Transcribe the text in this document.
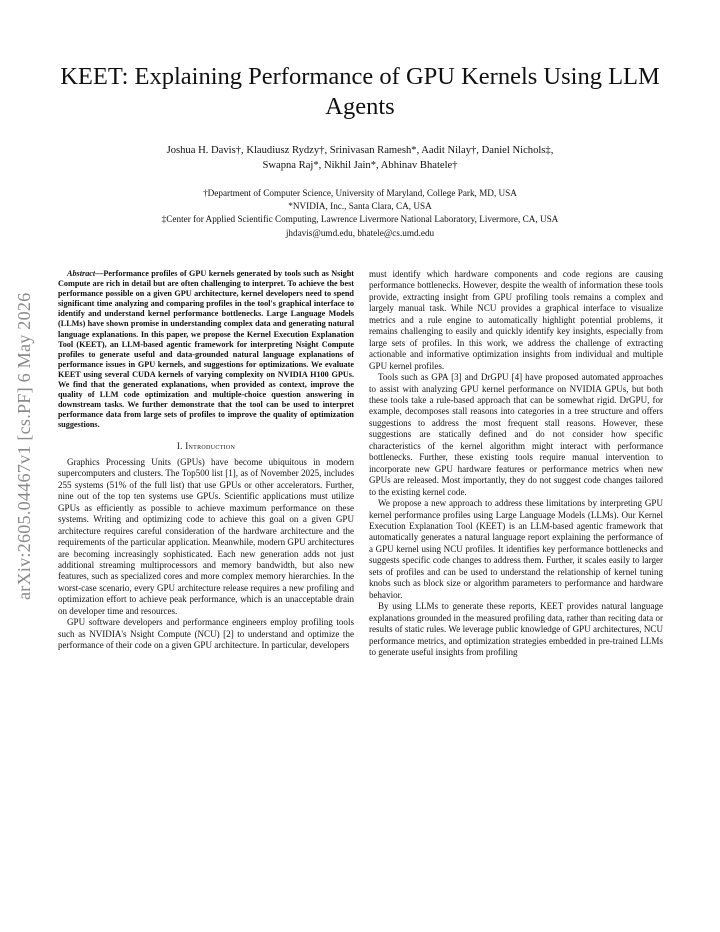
arXiv:2605.04467v1 [cs.PF] 6 May 2026
KEET: Explaining Performance of GPU Kernels Using LLM Agents
Joshua H. Davis†, Klaudiusz Rydzy†, Srinivasan Ramesh*, Aadit Nilay†, Daniel Nichols‡,
Swapna Raj*, Nikhil Jain*, Abhinav Bhatele†
†Department of Computer Science, University of Maryland, College Park, MD, USA
*NVIDIA, Inc., Santa Clara, CA, USA
‡Center for Applied Scientific Computing, Lawrence Livermore National Laboratory, Livermore, CA, USA
jhdavis@umd.edu, bhatele@cs.umd.edu

Abstract—Performance profiles of GPU kernels generated by tools such as Nsight Compute are rich in detail but are often challenging to interpret. To achieve the best performance possible on a given GPU architecture, kernel developers need to spend significant time analyzing and comparing profiles in the tool's graphical interface to identify and understand kernel performance bottlenecks. Large Language Models (LLMs) have shown promise in understanding complex data and generating natural language explanations. In this paper, we propose the Kernel Execution Explanation Tool (KEET), an LLM-based agentic framework for interpreting Nsight Compute profiles to generate useful and data-grounded natural language explanations of performance issues in GPU kernels, and suggestions for optimizations. We evaluate KEET using several CUDA kernels of varying complexity on NVIDIA H100 GPUs. We find that the generated explanations, when provided as context, improve the quality of LLM code optimization and multiple-choice question answering in downstream tasks. We further demonstrate that the tool can be used to interpret performance data from large sets of profiles to improve the quality of optimization suggestions.

I. Introduction

Graphics Processing Units (GPUs) have become ubiquitous in modern supercomputers and clusters. The Top500 list [1], as of November 2025, includes 255 systems (51% of the full list) that use GPUs or other accelerators. Further, nine out of the top ten systems use GPUs. Scientific applications must utilize GPUs as efficiently as possible to achieve maximum performance on these systems. Writing and optimizing code to achieve this goal on a given GPU architecture requires careful consideration of the hardware architecture and the requirements of the particular application. Meanwhile, modern GPU architectures are becoming increasingly sophisticated. Each new generation adds not just additional streaming multiprocessors and memory bandwidth, but also new features, such as specialized cores and more complex memory hierarchies. In the worst-case scenario, every GPU architecture release requires a new profiling and optimization effort to achieve peak performance, which is an unacceptable drain on developer time and resources.

GPU software developers and performance engineers employ profiling tools such as NVIDIA's Nsight Compute (NCU) [2] to understand and optimize the performance of their code on a given GPU architecture. In particular, developers

must identify which hardware components and code regions are causing performance bottlenecks. However, despite the wealth of information these tools provide, extracting insight from GPU profiling tools remains a complex and largely manual task. While NCU provides a graphical interface to visualize metrics and a rule engine to automatically highlight potential problems, it remains challenging to easily and quickly identify key insights, especially from large sets of profiles. In this work, we address the challenge of extracting actionable and informative optimization insights from individual and multiple GPU kernel profiles.

Tools such as GPA [3] and DrGPU [4] have proposed automated approaches to assist with analyzing GPU kernel performance on NVIDIA GPUs, but both these tools take a rule-based approach that can be somewhat rigid. DrGPU, for example, decomposes stall reasons into categories in a tree structure and offers suggestions to address the most frequent stall reasons. However, these suggestions are statically defined and do not consider how specific characteristics of the kernel algorithm might interact with performance bottlenecks. Further, these existing tools require manual intervention to incorporate new GPU hardware features or performance metrics when new GPUs are released. Most importantly, they do not suggest code changes tailored to the existing kernel code.

We propose a new approach to address these limitations by interpreting GPU kernel performance profiles using Large Language Models (LLMs). Our Kernel Execution Explanation Tool (KEET) is an LLM-based agentic framework that automatically generates a natural language report explaining the performance of a GPU kernel using NCU profiles. It identifies key performance bottlenecks and suggests specific code changes to address them. Further, it scales easily to larger sets of profiles and can be used to understand the relationship of kernel tuning knobs such as block size or algorithm parameters to performance and hardware behavior.

By using LLMs to generate these reports, KEET provides natural language explanations grounded in the measured profiling data, rather than reciting data or results of static rules. We leverage public knowledge of GPU architectures, NCU performance metrics, and optimization strategies embedded in pre-trained LLMs to generate useful insights from profiling
